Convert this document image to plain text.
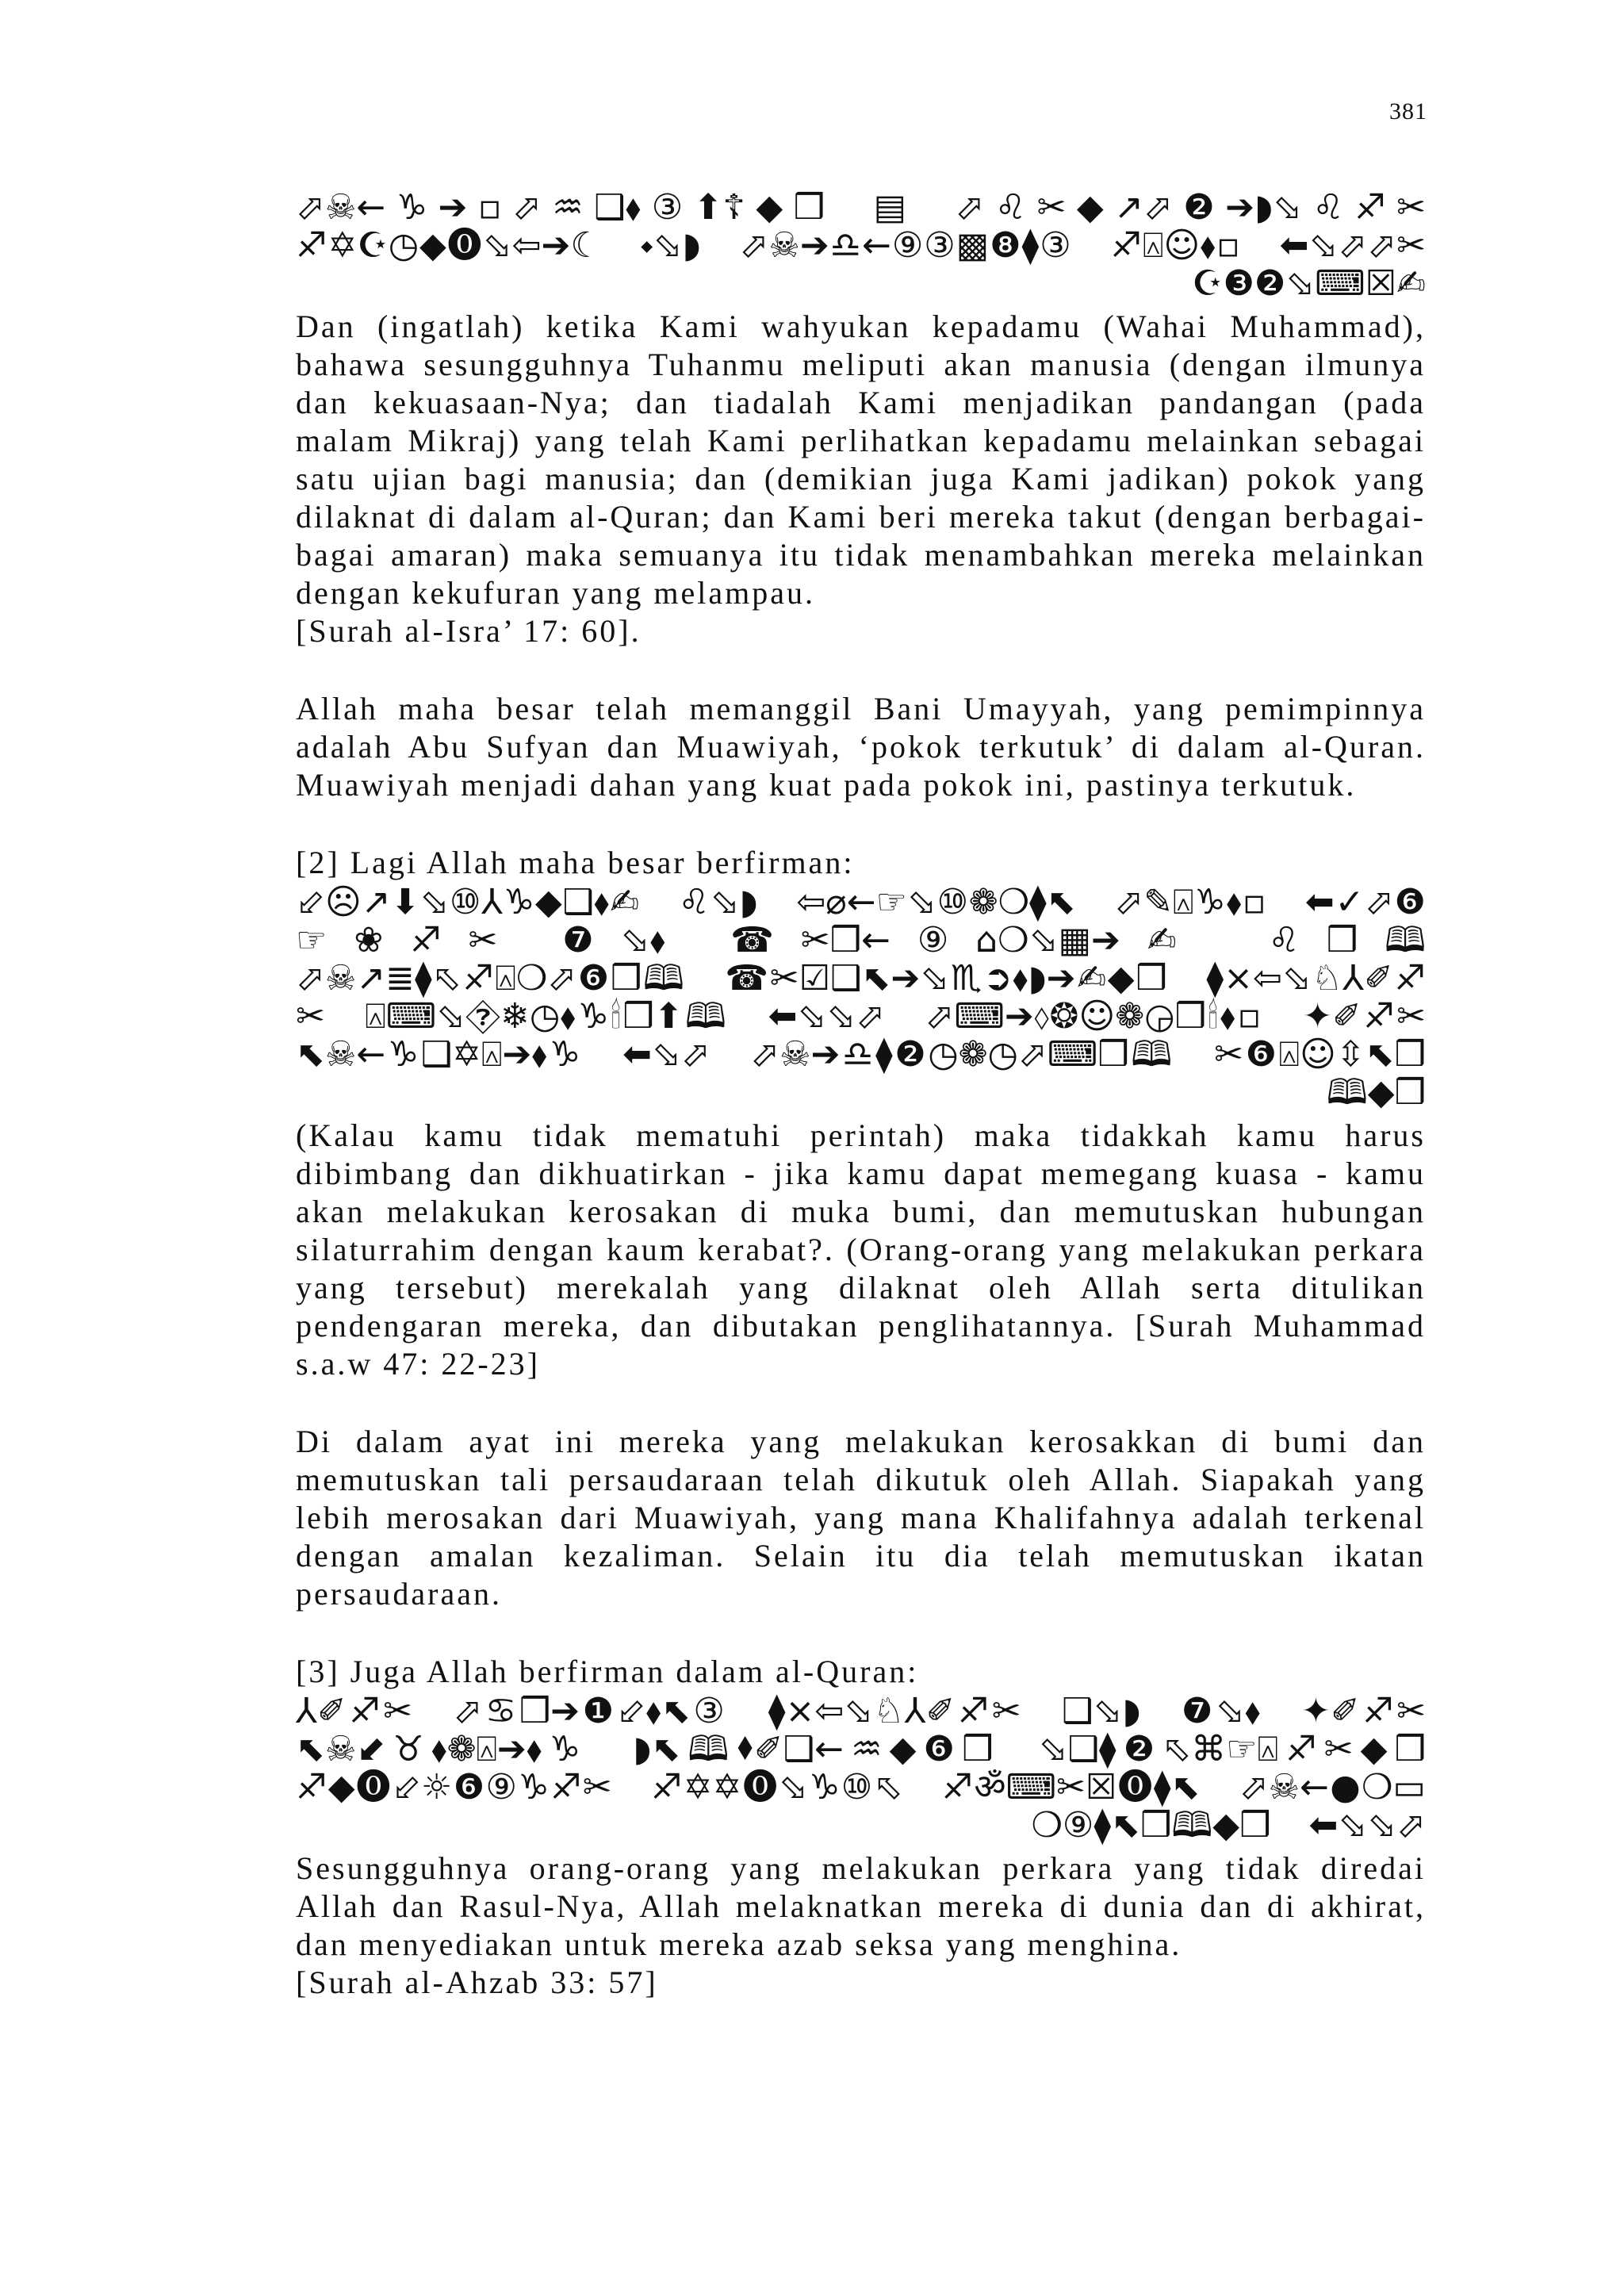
381

⬀☠←♑➔▫⬀♒❑⬧③⬆☦◆❒ ▤ ⬀♌✂◆↗⬀❷➔◗⬂♌♐✂ ♐✡☪◷◆⓿⬂⇦➔☾ ⬩⬂◗ ⬀☠➔♎←⑨③▩❽⧫③ ♐⍓☺⬧▫ ⬅⬂⬀⬀✂☪❸❷⬂⌨☒✍

Dan (ingatlah) ketika Kami wahyukan kepadamu (Wahai Muhammad), bahawa sesungguhnya Tuhanmu meliputi akan manusia (dengan ilmunya dan kekuasaan-Nya; dan tiadalah Kami menjadikan pandangan (pada malam Mikraj) yang telah Kami perlihatkan kepadamu melainkan sebagai satu ujian bagi manusia; dan (demikian juga Kami jadikan) pokok yang dilaknat di dalam al-Quran; dan Kami beri mereka takut (dengan berbagai-bagai amaran) maka semuanya itu tidak menambahkan mereka melainkan dengan kekufuran yang melampau.

[Surah al-Isra’ 17: 60].

Allah maha besar telah memanggil Bani Umayyah, yang pemimpinnya adalah Abu Sufyan dan Muawiyah, ‘pokok terkutuk’ di dalam al-Quran. Muawiyah menjadi dahan yang kuat pada pokok ini, pastinya terkutuk.

[2] Lagi Allah maha besar berfirman:

⬃☹↗⬇⬂⑩⅄♑◆❑⬧✍ ♌⬂◗ ⇦⌀←☞⬂⑩❁❍⧫⬉ ⬀✎⍓♑⬧▫ ⬅✓⬀❻☞❀♐✂ ❼⬂⬧ ☎✂❒←⑨⌂❍⬂▦➔✍ ♌❒🕮 ⬀☠↗≣⧫⬁♐⍓❍⬀❻❒🕮 ☎✂☑❑⬉➔⬂♏➲⬧◗➔✍◆❒ ⧫×⇦⬂♘⅄✐♐✂ ⍓⌨⬂⯑❄◷⬧♑🕯❒⬆🕮 ⬅⬂⬂⬀ ⬀⌨➔⬨❂☺❁◶❒🕯⬧▫ ✦✐♐✂ ⬉☠←♑❑✡⍓➔⬧♑ ⬅⬂⬀ ⬀☠➔♎⧫❷◷❁◷⬀⌨❒🕮 ✂❻⍓☺⇳⬉❒🕮◆❒

(Kalau kamu tidak mematuhi perintah) maka tidakkah kamu harus dibimbang dan dikhuatirkan - jika kamu dapat memegang kuasa - kamu akan melakukan kerosakan di muka bumi, dan memutuskan hubungan silaturrahim dengan kaum kerabat?. (Orang-orang yang melakukan perkara yang tersebut) merekalah yang dilaknat oleh Allah serta ditulikan pendengaran mereka, dan dibutakan penglihatannya. [Surah Muhammad s.a.w 47: 22-23]

Di dalam ayat ini mereka yang melakukan kerosakkan di bumi dan memutuskan tali persaudaraan telah dikutuk oleh Allah. Siapakah yang lebih merosakan dari Muawiyah, yang mana Khalifahnya adalah terkenal dengan amalan kezaliman. Selain itu dia telah memutuskan ikatan persaudaraan.

[3] Juga Allah berfirman dalam al-Quran:

⅄✐♐✂ ⬀♋❒➔❶⬃⬧⬉③ ⧫×⇦⬂♘⅄✐♐✂ ❑⬂◗ ❼⬂⬧ ✦✐♐✂ ⬉☠⬋♉⬧❁⍓➔⬧♑ ◗⬉🕮⬧✐❑←♒◆❻❒ ⬂❑⧫❷⬁⌘☞⍓♐✂◆❒ ♐◆⓿⬃☼❻⑨♑♐✂ ♐✡✡⓿⬂♑⑩⬁ ♐ॐ⌨✂☒⓿⧫⬉ ⬀☠←●❍▭ ❍⑨⧫⬉❒🕮◆❒ ⬅⬂⬂⬀

Sesungguhnya orang-orang yang melakukan perkara yang tidak diredai Allah dan Rasul-Nya, Allah melaknatkan mereka di dunia dan di akhirat, dan menyediakan untuk mereka azab seksa yang menghina.

[Surah al-Ahzab 33: 57]
